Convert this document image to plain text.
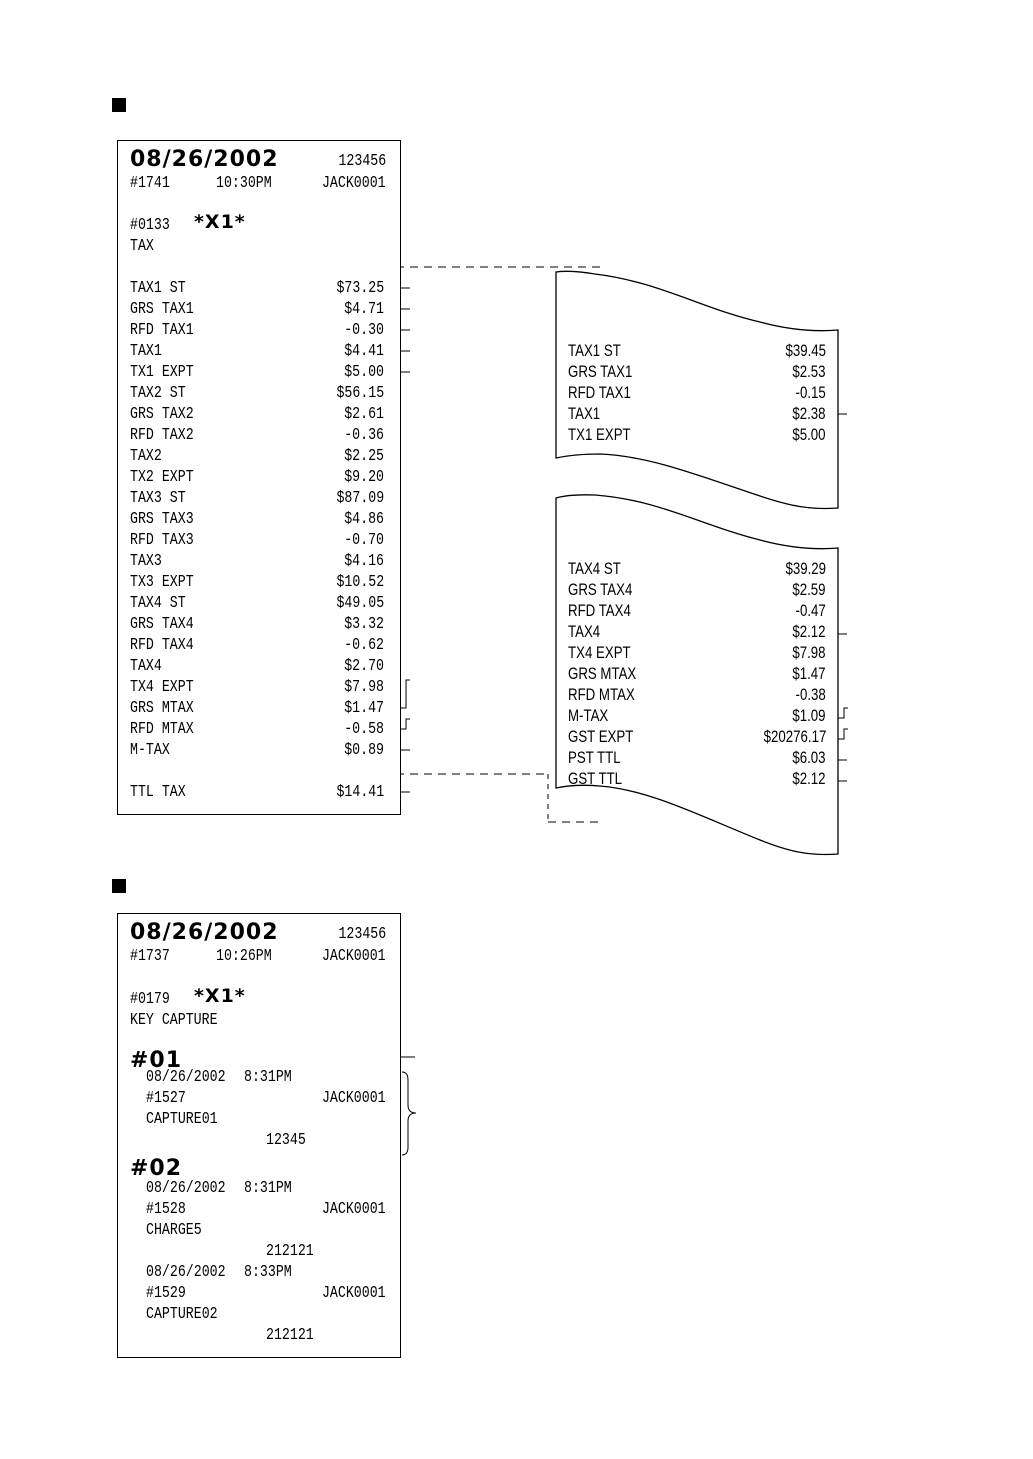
08/26/2002	123456
#1741	10:30PM	JACK0001
#0133 *X1*
TAX
TAX1 ST	$73.25
GRS TAX1	$4.71
RFD TAX1	-0.30
TAX1	$4.41
TX1 EXPT	$5.00
TAX2 ST	$56.15
GRS TAX2	$2.61
RFD TAX2	-0.36
TAX2	$2.25
TX2 EXPT	$9.20
TAX3 ST	$87.09
GRS TAX3	$4.86
RFD TAX3	-0.70
TAX3	$4.16
TX3 EXPT	$10.52
TAX4 ST	$49.05
GRS TAX4	$3.32
RFD TAX4	-0.62
TAX4	$2.70
TX4 EXPT	$7.98
GRS MTAX	$1.47
RFD MTAX	-0.58
M-TAX	$0.89
TTL TAX	$14.41
TAX1 ST	$39.45
GRS TAX1	$2.53
RFD TAX1	-0.15
TAX1	$2.38
TX1 EXPT	$5.00
TAX4 ST	$39.29
GRS TAX4	$2.59
RFD TAX4	-0.47
TAX4	$2.12
TX4 EXPT	$7.98
GRS MTAX	$1.47
RFD MTAX	-0.38
M-TAX	$1.09
GST EXPT	$20276.17
PST TTL	$6.03
GST TTL	$2.12
08/26/2002	123456
#1737	10:26PM	JACK0001
#0179 *X1*
KEY CAPTURE
#01
08/26/2002 8:31PM
#1527	JACK0001
CAPTURE01
12345
#02
08/26/2002 8:31PM
#1528	JACK0001
CHARGE5
212121
08/26/2002 8:33PM
#1529	JACK0001
CAPTURE02
212121
